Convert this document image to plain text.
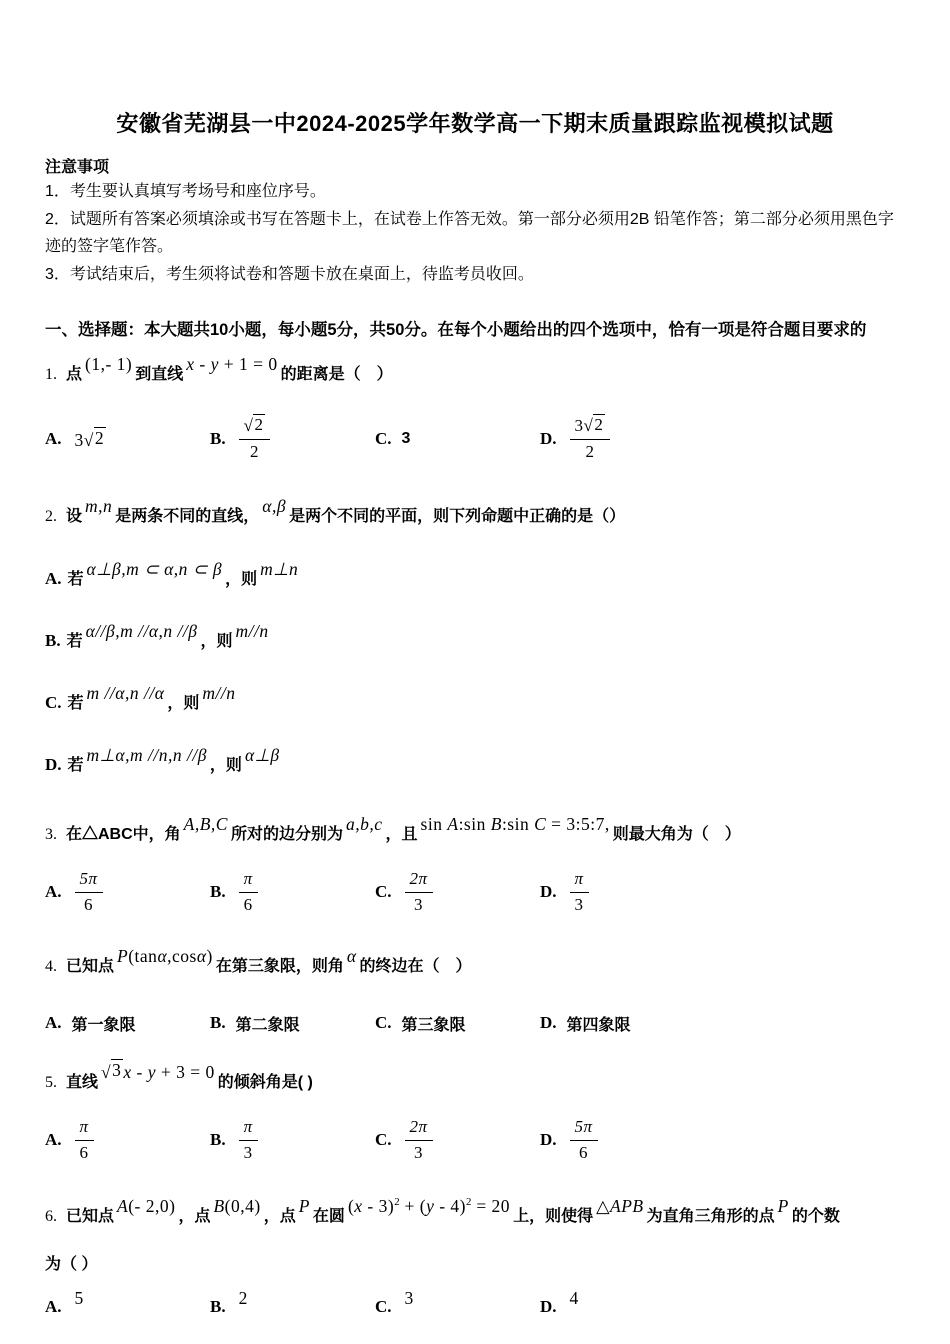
安徽省芜湖县一中2024-2025学年数学高一下期末质量跟踪监视模拟试题
注意事项
1．考生要认真填写考场号和座位序号。
2．试题所有答案必须填涂或书写在答题卡上，在试卷上作答无效。第一部分必须用2B 铅笔作答；第二部分必须用黑色字迹的签字笔作答。
3．考试结束后，考生须将试卷和答题卡放在桌面上，待监考员收回。
一、选择题：本大题共10小题，每小题5分，共50分。在每个小题给出的四个选项中，恰有一项是符合题目要求的
1. 点(1,- 1)到直线x - y + 1 = 0的距离是（　）
A. 3 √ 2	B. $\frac{√ 2}{2}$	C. 3	D. $\frac{3 √ 2}{2}$
2. 设m,n是两条不同的直线，α,β是两个不同的平面，则下列命题中正确的是（）
A. 若α⊥β,m ⊂ α,n ⊂ β，则m⊥n
B. 若α//β,m //α,n //β，则m//n
C. 若m //α,n //α，则m//n
D. 若m⊥α,m //n,n //β，则α⊥β
3. 在△ABC中，角A,B,C所对的边分别为a,b,c，且sin A:sin B:sin C = 3:5:7,则最大角为（　）
A. $\frac{5\pi}{6}$	B. $\frac{\pi}{6}$	C. $\frac{2\pi}{3}$	D. $\frac{\pi}{3}$
4. 已知点P(tanα,cosα)在第三象限，则角α的终边在（　）
A. 第一象限	B. 第二象限	C. 第三象限	D. 第四象限
5. 直线
√ 3 x - y + 3 = 0的倾斜角是( )
A. $\frac{\pi}{6}$	B. $\frac{\pi}{3}$	C. $\frac{2\pi}{3}$	D. $\frac{5\pi}{6}$
6. 已知点A(- 2,0)，点B(0,4)，点P在圆(x - 3)$^2$ + (y - 4)$^2$ = 20上，则使得△APB为直角三角形的点P的个数
为（ ）
A. 5	B. 2	C. 3	D. 4
